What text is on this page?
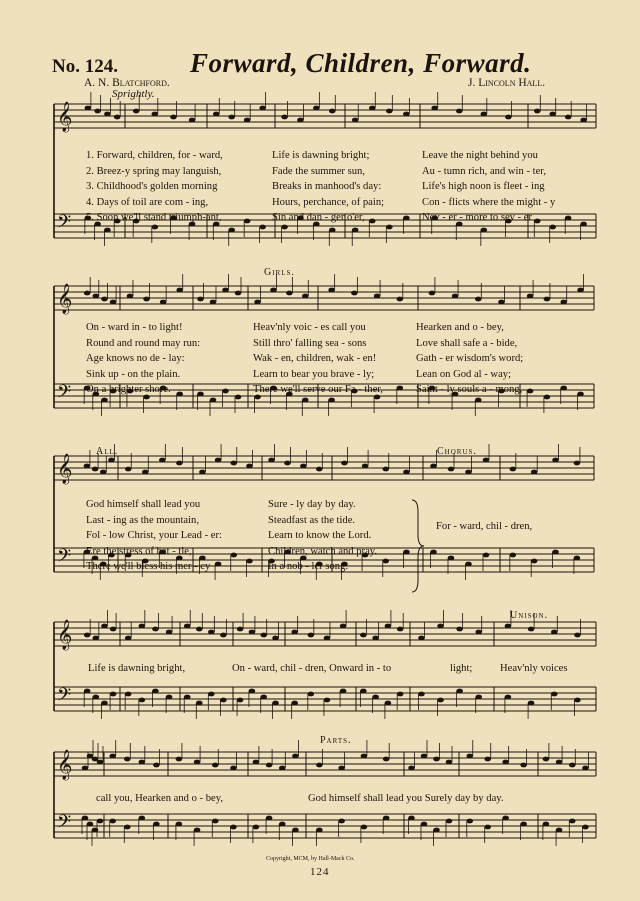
𝄞
𝄢
𝄞
𝄢
𝄞
𝄢
𝄞
𝄢
𝄞
𝄢
No. 124.	Forward, Children, Forward.
A. N. Blatchford.	J. Lincoln Hall.
Sprightly.
1. Forward, children, for - ward,
2. Breez-y spring may languish,
3. Childhood's golden morning
4. Days of toil are com - ing,
5. Soon we'll stand triumph-ant,
Life is dawning bright;
Fade the summer sun,
Breaks in manhood's day:
Hours, perchance, of pain;
Sin and dan - ger o'er,
Leave the night behind you
Au - tumn rich, and win - ter,
Life's high noon is fleet - ing
Con - flicts where the might - y
Nev - er - more to sev - er
Girls.
On - ward in - to light!
Round and round may run:
Age knows no de - lay:
Sink up - on the plain.
On a brighter shore.
Heav'nly voic - es call you
Still thro' falling sea - sons
Wak - en, children, wak - en!
Learn to bear you brave - ly;
There we'll serve our Fa - ther,
Hearken and o - bey,
Love shall safe a - bide,
Gath - er wisdom's word;
Lean on God al - way;
Saint - ly souls a - mong,
All.	Chorus.
God himself shall lead you
Last - ing as the mountain,
Fol - low Christ, your Lead - er:
Ere the stress of bat - tle,
There we'll bless his mer - cy
Sure - ly day by day.
Steadfast as the tide.
Learn to know the Lord.
Children, watch and pray.
In a nob - ler song.
For - ward, chil - dren,
Unison.
Life is dawning bright,	On - ward, chil - dren, Onward in - to	light;	Heav'nly voices
Parts.
call you, Hearken and o - bey,	God himself shall lead you Surely day by day.
Copyright, MCM, by Hall-Mack Co.
124
